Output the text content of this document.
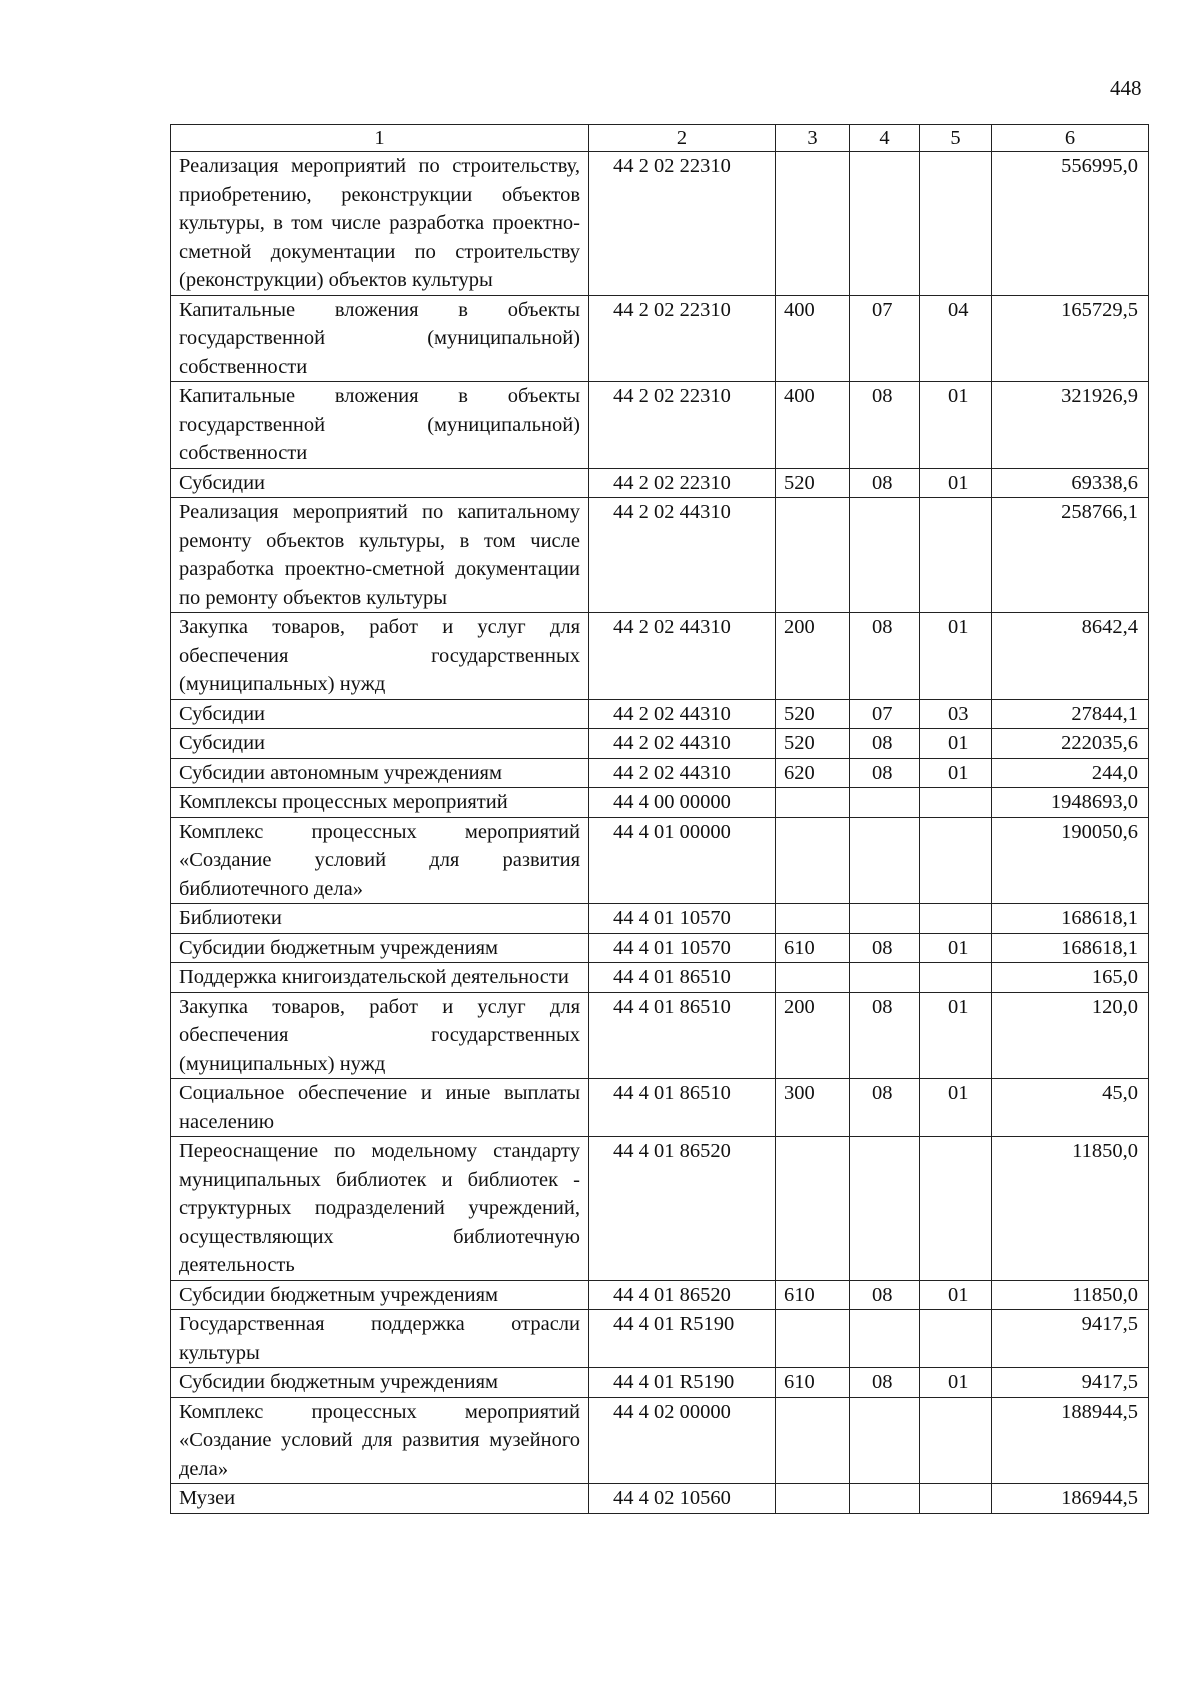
448
1	2	3	4	5	6
Реализация мероприятий по строительству, приобретению, реконструкции объектов культуры, в том числе разработка проектно-сметной документации по строительству (реконструкции) объектов культуры	44 2 02 22310				556995,0
Капитальные вложения в объекты государственной (муниципальной) собственности	44 2 02 22310	400	07	04	165729,5
Капитальные вложения в объекты государственной (муниципальной) собственности	44 2 02 22310	400	08	01	321926,9
Субсидии	44 2 02 22310	520	08	01	69338,6
Реализация мероприятий по капитальному ремонту объектов культуры, в том числе разработка проектно-сметной документации по ремонту объектов культуры	44 2 02 44310				258766,1
Закупка товаров, работ и услуг для обеспечения государственных (муниципальных) нужд	44 2 02 44310	200	08	01	8642,4
Субсидии	44 2 02 44310	520	07	03	27844,1
Субсидии	44 2 02 44310	520	08	01	222035,6
Субсидии автономным учреждениям	44 2 02 44310	620	08	01	244,0
Комплексы процессных мероприятий	44 4 00 00000				1948693,0
Комплекс процессных мероприятий «Создание условий для развития библиотечного дела»	44 4 01 00000				190050,6
Библиотеки	44 4 01 10570				168618,1
Субсидии бюджетным учреждениям	44 4 01 10570	610	08	01	168618,1
Поддержка книгоиздательской деятельности	44 4 01 86510				165,0
Закупка товаров, работ и услуг для обеспечения государственных (муниципальных) нужд	44 4 01 86510	200	08	01	120,0
Социальное обеспечение и иные выплаты населению	44 4 01 86510	300	08	01	45,0
Переоснащение по модельному стандарту муниципальных библиотек и библиотек - структурных подразделений учреждений, осуществляющих библиотечную деятельность	44 4 01 86520				11850,0
Субсидии бюджетным учреждениям	44 4 01 86520	610	08	01	11850,0
Государственная поддержка отрасли культуры	44 4 01 R5190				9417,5
Субсидии бюджетным учреждениям	44 4 01 R5190	610	08	01	9417,5
Комплекс процессных мероприятий «Создание условий для развития музейного дела»	44 4 02 00000				188944,5
Музеи	44 4 02 10560				186944,5
